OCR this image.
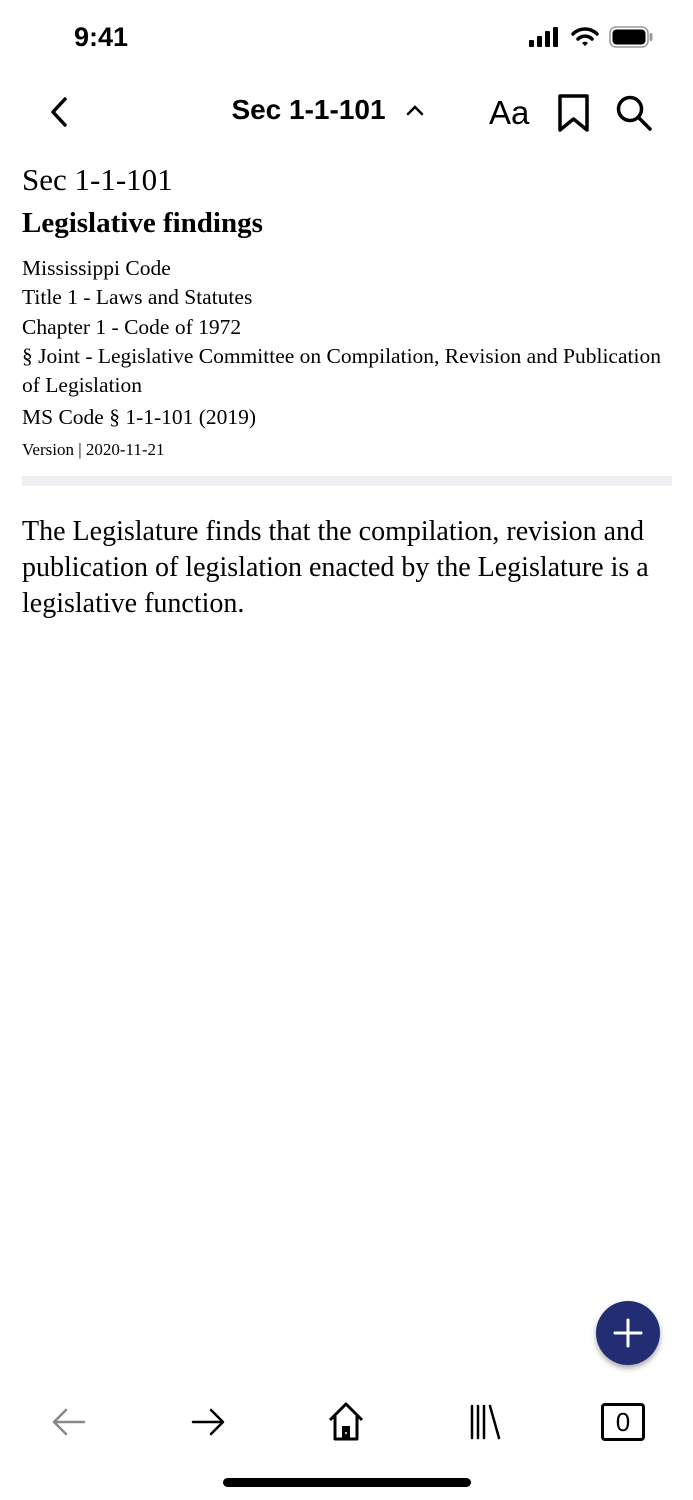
9:41
Sec 1-1-101	Aa
Sec 1-1-101
Legislative findings
Mississippi Code
Title 1 - Laws and Statutes
Chapter 1 - Code of 1972
§ Joint - Legislative Committee on Compilation, Revision and Publication of Legislation
MS Code § 1-1-101 (2019)
Version | 2020-11-21
The Legislature finds that the compilation, revision and publication of legislation enacted by the Legislature is a legislative function.
0
